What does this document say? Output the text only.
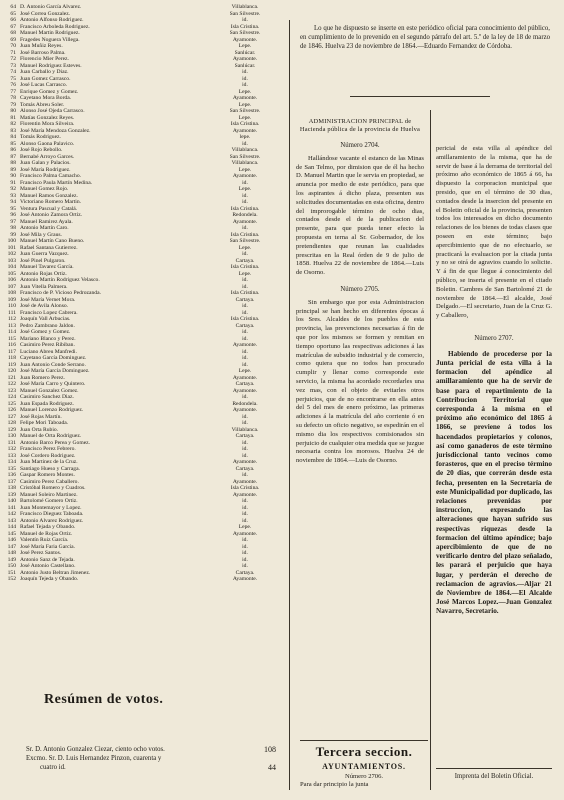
64 D. Antonio García Alvarez.	Villablanca.
65 José Correa Gonzalez.	San Silvestre.
66 Antonio Alfonso Rodriguez.	id.
67 Francisco Arboleda Rodriguez.	Isla Cristina.
68 Manuel Martin Rodriguez.	San Silvestre.
69 Fragedes Noguera Villega.	Ayamonte.
70 Juan Muñiz Reyes.	Lepe.
71 José Barroso Palma.	Sanlúcar.
72 Florencio Mier Perez.	Ayamonte.
73 Manuel Rodriguez Esteves.	Sanlúcar.
74 Juan Carballo y Diaz.	id.
75 Juan Gomez Carrasco.	id.
76 José Lucas Carrasco.	id.
77 Enrique Gomez y Gomez.	Lepe.
78 Cayetano Mora Borda.	Ayamonte.
79 Tomás Abreu Soler.	Lepe.
80 Alonso José Ojeda Carrasco.	San Silvestre.
81 Matías Gonzalez Reyes.	Lepe.
82 Florentin Mora Silveira.	Isla Cristina.
83 José María Mendoza Gonzalez.	Ayamonte.
84 Tomás Rodriguez.	lepe.
85 Alonso Gaona Palavico.	id.
86 José Rojo Rebollo.	Villablanca.
87 Bernabé Arroyo Garces.	San Silvestre.
88 Juan Galan y Palacios.	Villablanca.
89 José María Rodriguez.	Lepe.
90 Francisco Palma Camacho.	Ayamonte.
91 Francisco Paula Martín Medina.	id.
92 Manuel Gomez Rojo.	Lepe.
93 Manuel Ramos Gonzalez.	id.
94 Victoriano Romero Martin.	id.
95 Ventura Pascual y Catalá.	Isla Cristina.
96 José Antonio Zamora Ortiz.	Redondela.
97 Manuel Ramirez Ayala.	Ayamonte.
98 Antonio Martín Caro.	id.
99 José Mila y Graus.	Isla Cristina.
100 Manuel Martín Cano Bueno.	San Silvestre.
101 Rafael Santana Gutierrez.	Lepe.
102 Juan Guerra Vazquez.	id.
103 José Pinel Pulgaron.	Cartaya.
104 Manuel Tavarez García.	Isla Cristina.
105 Antonio Rojas Ortiz.	Lepe.
106 Antonio Martín Rodriguez Velasco.	id.
107 Juan Vitella Palmera.	id.
108 Francisco de P. Vicioso Pedrozanda.	Isla Cristina.
109 José María Vernet Mora.	Cartaya.
110 José de Avila Alonso.	id.
111 Francisco Lopez Cabrera.	id.
112 Joaquín Vall Arbucias.	Isla Cristina.
113 Pedro Zambrano Jaldon.	Cartaya.
114 José Gomez y Gomez.	id.
115 Mariano Blanco y Perez.	id.
116 Casimiro Perez Ribiban.	Ayamonte.
117 Luciano Abreu Manfredi.	id.
118 Cayetano García Dominguez.	id.
119 Juan Antonio Conde Serrano.	id.
120 José María García Dominguez.	Lepe.
121 Juan Romero Perez.	Ayamonte.
122 José María Carro y Quintero.	Cartaya.
123 Manuel Gonzalez Gomez.	Ayamonte.
124 Casimiro Sanchez Diaz.	id.
125 Juan Espada Rodriguez.	Redondela.
126 Manuel Lorenzo Rodriguez.	Ayamonte.
127 José Rojas Martín.	id.
128 Felipe Mori Taboada.	id.
129 Juan Orta Rubio.	Villablanca.
130 Manuel de Orta Rodriguez.	Cartaya.
131 Antonio Barco Perea y Gomez.	id.
132 Francisco Perez Febrero.	id.
133 José Cordero Rodriguez.	id.
134 Juan Martinez de la Cruz.	Ayamonte.
135 Santiago Hueso y Carraga.	Cartaya.
136 Gaspar Romero Montes.	id.
137 Casimiro Perez Caballero.	Ayamonte.
138 Cristóbal Romero y Cuadros.	Isla Cristina.
139 Manuel Soleiro Martinez.	Ayamonte.
140 Bartolomé Gomero Ortiz.	id.
141 Juan Montemayor y Lopez.	id.
142 Francisco Dieguez Taboada.	id.
143 Antonio Alvarez Rodriguez.	id.
144 Rafael Tejada y Obando.	Lepe.
145 Manuel de Rojas Ortiz.	Ayamonte.
146 Valentín Ruiz García.	id.
147 José María Faria García.	id.
148 José Perez Santos.	id.
149 Antonio Sanz de Tejada.	id.
150 José Antonio Castellano.	id.
151 Antonio Justo Beltran Jimenez.	Cartaya.
152 Joaquín Tejeda y Obando.	Ayamonte.
Resúmen de votos.
Sr. D. Antonio Gonzalez Ciezar, ciento ocho votos.	108
Excmo. Sr. D. Luis Hernandez Pinzon, cuarenta y
cuatro id.	44
Lo que he dispuesto se inserte en este periódico oficial para conocimiento del público, en cumplimiento de lo prevenido en el segundo párrafo del art. 5.º de la ley de 18 de marzo de 1846. Huelva 23 de noviembre de 1864.—Eduardo Fernandez de Córdoba.

ADMINISTRACION PRINCIPAL de Hacienda pública de la provincia de Huelva

Número 2704.

Hallándose vacante el estanco de las Minas de San Telmo, por dimision que de él ha hecho D. Manuel Martin que le servia en propiedad, se anuncia por medio de este periódico, para que los aspirantes á dicho plaza, presenten sus solicitudes documentadas en esta oficina, dentro del improrogable término de ocho dias, contados desde el de la publicacion del presente, para que pueda tener efecto la propuesta en terna al Sr. Gobernador, de los pretendientes que reunan las cualidades prescritas en la Real órden de 9 de julio de 1858. Huelva 22 de noviembre de 1864.—Luis de Osorno.

Número 2705.

Sin embargo que por esta Administracion principal se han hecho en diferentes épocas á los Sres. Alcaldes de los pueblos de esta provincia, las prevenciones necesarias á fin de que por los mismos se formen y remitan en tiempo oportuno las respectivas adiciones á las matrículas de subsidio industrial y de comercio, como quiera que no todos han procurado cumplir y llenar como corresponde este servicio, la misma ha acordado recordarles una vez mas, con el objeto de evitarles otros perjuicios, que de no encontrarse en ella antes del 5 del mes de enero próximo, las primeras adiciones á la matrícula del año corriente ó en su defecto un oficio negativo, se espedirán en el mismo dia los respectivos comisionados sin perjuicio de cualquier otra medida que se juzgue necesaria contra los morosos. Huelva 24 de noviembre de 1864.—Luis de Osorno.

pericial de esta villa al apéndice del amillaramiento de la misma, que ha de servir de base á la derrama de territorial del próximo año económico de 1865 á 66, ha dispuesto la corporacion municipal que presido, que en el término de 30 dias, contados desde la insercion del presente en el Boletin oficial de la provincia, presenten todos los interesados en dicho documento relaciones de los bienes de todas clases que poseen en este término; bajo apercibimiento que de no efectuarlo, se practicará la evaluacion por la citada junta y no se oirá de agravios cuando lo solicite. Y á fin de que llegue á conocimiento del público, se inserta el presente en el citado Boletin. Cambres de San Bartolomé 21 de noviembre de 1864.—El alcalde, José Delgado.—El secretario, Juan de la Cruz G. y Caballero,

Número 2707.

Habiendo de procederse por la Junta pericial de esta villa á la formacion del apéndice al amillaramiento que ha de servir de base para el repartimiento de la Contribucion Territorial que corresponda á la misma en el próximo año económico del 1865 á 1866, se previene á todos los hacendados propietarios y colonos, así como ganaderos de este término jurisdiccional tanto vecinos como forasteros, que en el preciso término de 20 dias, que correrán desde esta fecha, presenten en la Secretaría de este Municipalidad por duplicado, las relaciones prevenidas por instruccion, expresando las alteraciones que hayan sufrido sus respectivas riquezas desde la formacion del último apéndice; bajo apercibimiento de que de no verificarlo dentro del plazo señalado, les parará el perjuicio que haya lugar, y perderán el derecho de reclamacion de agravios.—Aljar 21 de Noviembre de 1864.—El Alcalde José Marcos Lopez.—Juan Gonzalez Navarro, Secretario.

Tercera seccion.
AYUNTAMIENTOS.
Número 2706.
Para dar principio la junta
Imprenta del Boletin Oficial.
